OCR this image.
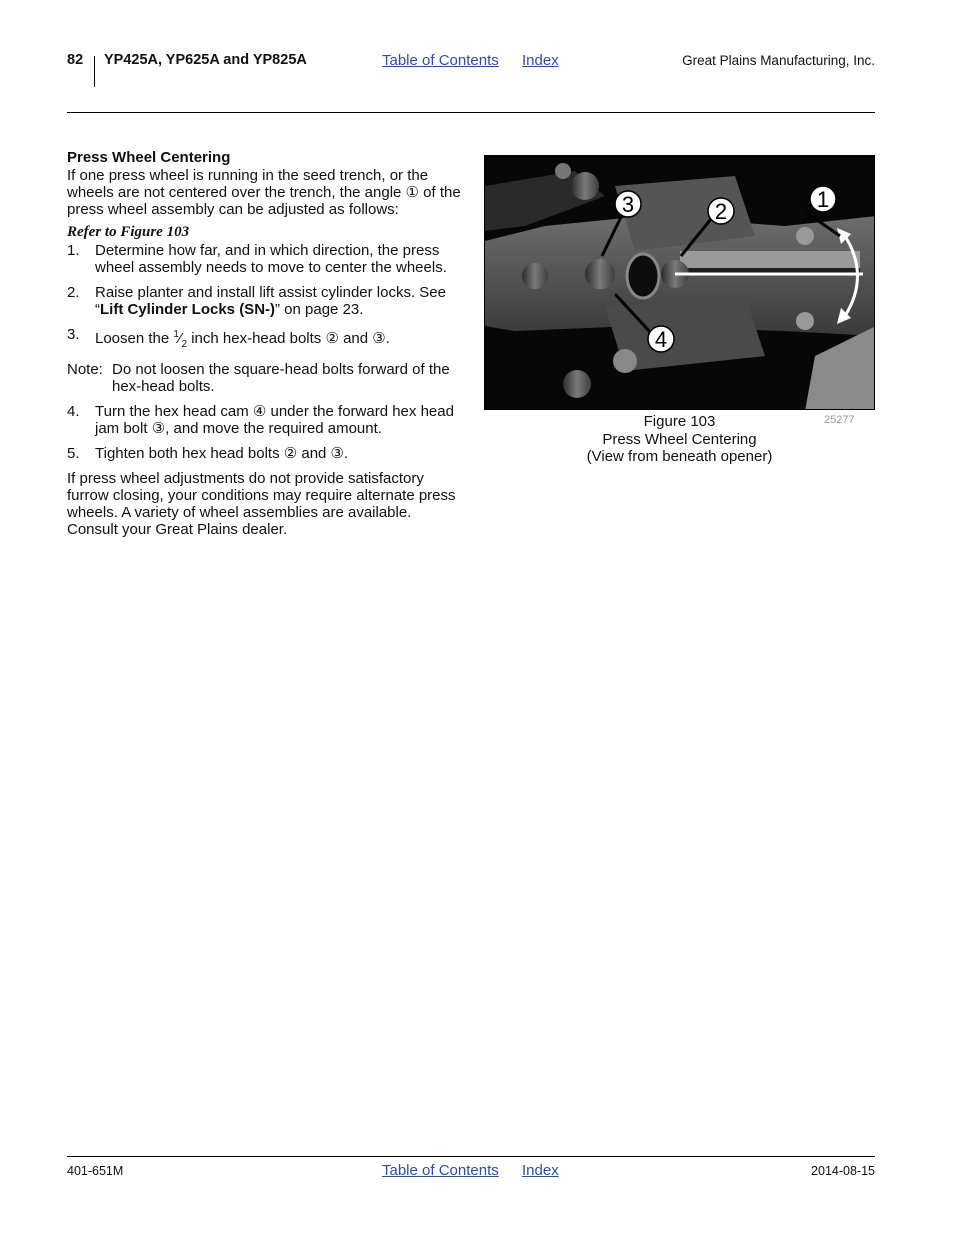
82 YP425A, YP625A and YP825A	Table of Contents Index	Great Plains Manufacturing, Inc.

Press Wheel Centering

If one press wheel is running in the seed trench, or the wheels are not centered over the trench, the angle ① of the press wheel assembly can be adjusted as follows:

Refer to Figure 103

1.	Determine how far, and in which direction, the press wheel assembly needs to move to center the wheels.
2.	Raise planter and install lift assist cylinder locks. See “Lift Cylinder Locks (SN-)” on page 23.
3.	Loosen the $^1⁄_2$ inch hex-head bolts ② and ③.
Note: Do not loosen the square-head bolts forward of the hex-head bolts.
4.	Turn the hex head cam ④ under the forward hex head jam bolt ③, and move the required amount.
5.	Tighten both hex head bolts ② and ③.

If press wheel adjustments do not provide satisfactory furrow closing, your conditions may require alternate press wheels. A variety of wheel assemblies are available. Consult your Great Plains dealer.

3	2	1
4
25277
Figure 103
Press Wheel Centering
(View from beneath opener)
401-651M	Table of Contents Index	2014-08-15
